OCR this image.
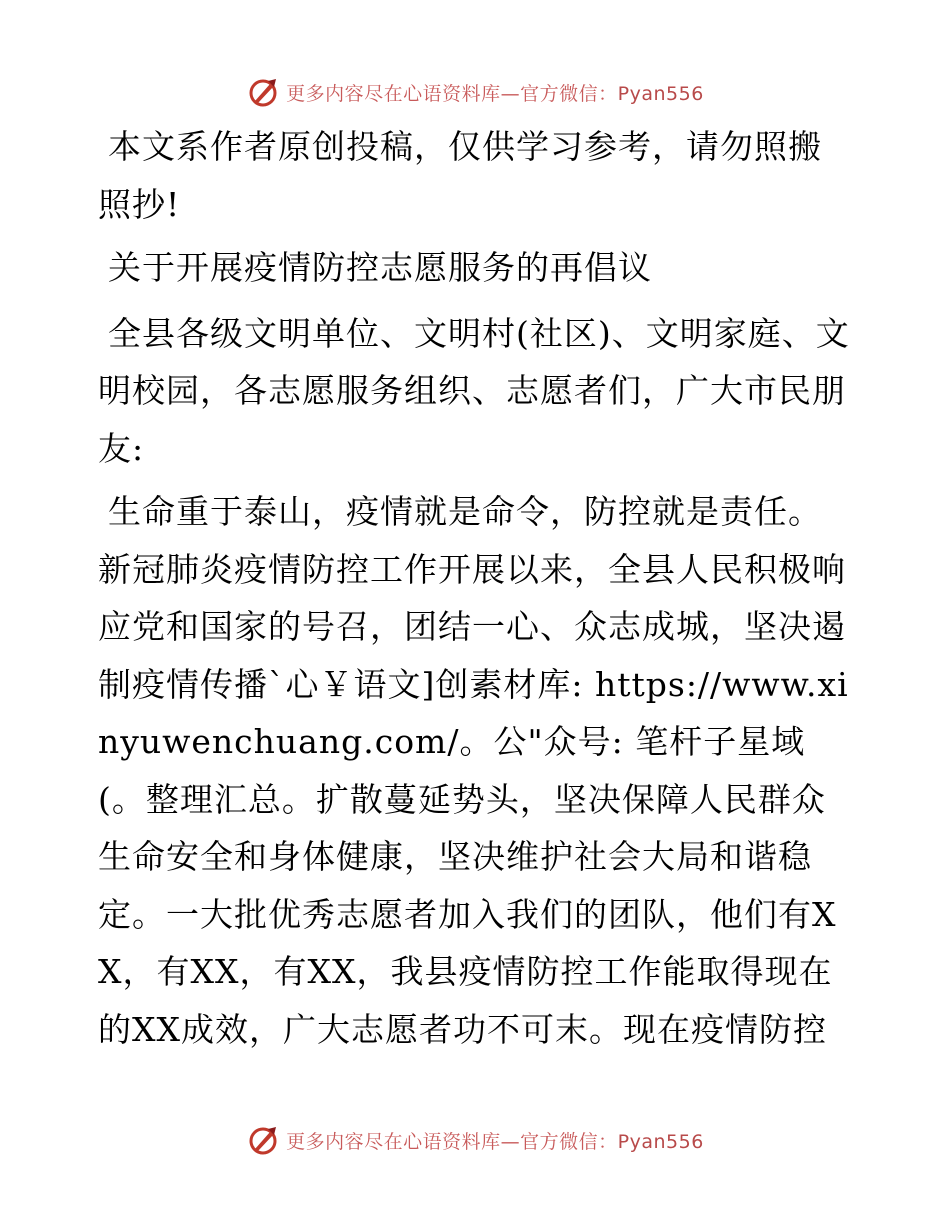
更多内容尽在心语资料库—官方微信：Pyan556

本文系作者原创投稿，仅供学习参考，请勿照搬照抄!

关于开展疫情防控志愿服务的再倡议

全县各级文明单位、文明村(社区)、文明家庭、文明校园，各志愿服务组织、志愿者们，广大市民朋友:

生命重于泰山，疫情就是命令，防控就是责任。新冠肺炎疫情防控工作开展以来，全县人民积极响应党和国家的号召，团结一心、众志成城，坚决遏制疫情传播`心￥语文]创素材库: https://www.xinyuwenchuang.com/。公"众号: 笔杆子星域(。整理汇总。扩散蔓延势头，坚决保障人民群众生命安全和身体健康，坚决维护社会大局和谐稳定。一大批优秀志愿者加入我们的团队，他们有XX，有XX，有XX，我县疫情防控工作能取得现在的XX成效，广大志愿者功不可末。现在疫情防控

更多内容尽在心语资料库—官方微信：Pyan556
